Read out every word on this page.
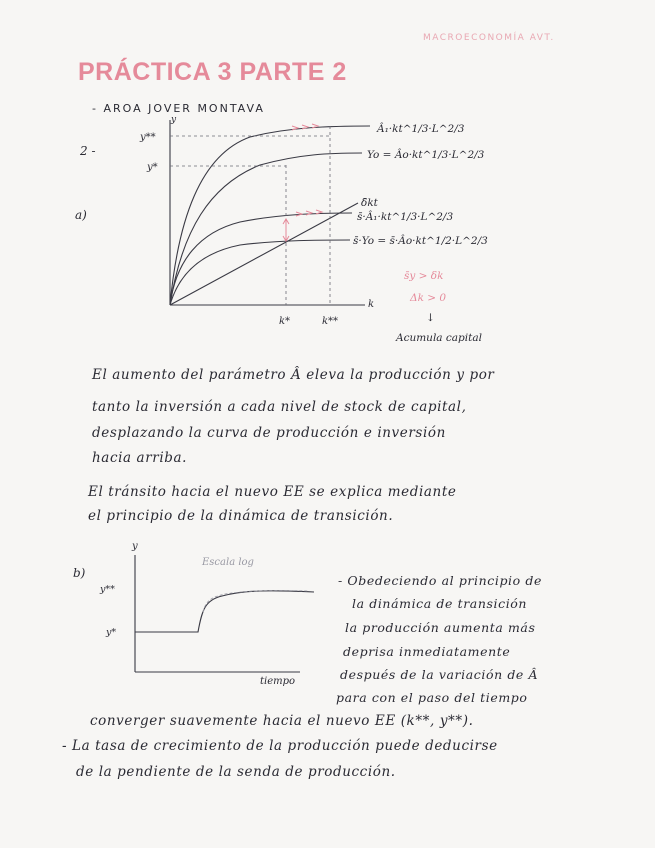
MACROECONOMÍA AVT.
PRÁCTICA 3 PARTE 2
- AROA JOVER MONTAVA
2 -
a)
y
k
y**
y*
k*	k**
Â₁·kt^1/3·L^2/3
Yo = Âo·kt^1/3·L^2/3
δ̄kt
s̄·Â₁·kt^1/3·L^2/3
s̄·Yo = s̄·Âo·kt^1/2·L^2/3
s̄y > δk
Δk > 0
↓
Acumula capital
El aumento del parámetro Â eleva la producción y por
tanto la inversión a cada nivel de stock de capital,
desplazando la curva de producción e inversión
hacia arriba.
El tránsito hacia el nuevo EE se explica mediante
el principio de la dinámica de transición.
b)
y
tiempo
y**
y*
Escala log
- Obedeciendo al principio de
la dinámica de transición
la producción aumenta más
deprisa inmediatamente
después de la variación de Â
para con el paso del tiempo
converger suavemente hacia el nuevo EE (k**, y**).
- La tasa de crecimiento de la producción puede deducirse
de la pendiente de la senda de producción.
